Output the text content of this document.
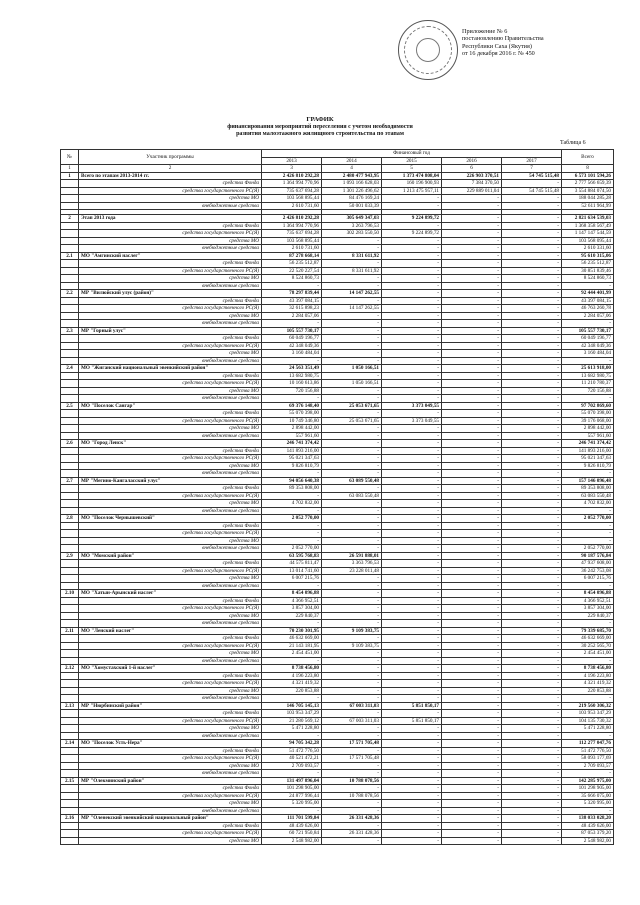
Приложение № 6
постановлению Правительства
Республики Саха (Якутия)
от 16 декабря 2016 г. № 450
ГРАФИК
финансирования мероприятий переселения с учетом необходимости
развития малоэтажного жилищного строительства по этапам
Таблица 6
№	Участник программы	Финансовый год					Всего
		2013	2014	2015	2016	2017	
1	2	3	4	5	6	7	8
1	Всего по этапам 2013-2014 гг.	2 426 810 292,28	2 480 477 943,95	1 373 474 808,04	226 903 370,51	54 745 515,48	6 573 101 594,26
	средства Фонда	1 364 994 770,96	1 093 166 628,03	160 196 900,93	7 384 370,50	-	2 777 566 659,39
	средства государственного РС(Я)	735 637 694,28	1 301 226 496,62	1 213 475 957,11	229 889 011,04	54 745 515,48	3 554 884 074,50
	средства МО	103 568 895,44	84 476 169,24	-	-	-	188 044 285,28
	внебюджетные средства	2 610 731,60	50 001 033,39	-	-	-	52 611 964,99

2	Этап 2013 года	2 426 810 292,28	305 649 347,03	9 224 899,72	-	-	2 821 634 539,03
	средства Фонда	1 364 994 770,96	3 263 796,53	-	-	-	1 368 358 567,49
	средства государственного РС(Я)	735 637 694,28	302 283 550,50	9 224 899,72	-	-	1 147 147 544,59
	средства МО	103 568 895,44	-	-	-	-	103 568 095,44
	внебюджетные средства	2 610 731,60	-	-	-	-	2 610 331,60
2.1	МО "Амгинский наслег"	87 278 668,14	8 331 611,92	-	-	-	95 610 315,06
	средства Фонда	56 235 512,87	-	-	-	-	56 235 512,87
	средства государственного РС(Я)	22 520 227,54	8 331 611,92	-	-	-	30 851 839,46
	средства МО	8 524 860,73	-	-	-	-	8 524 860,73
	внебюджетные средства	-	-	-	-	-	-
2.2	МР "Вилюйский улус (район)"	78 297 839,44	14 147 262,55	-	-	-	92 444 401,99
	средства Фонда	43 397 084,15	-	-	-	-	43 397 084,15
	средства государственного РС(Я)	32 615 898,23	14 147 262,55	-	-	-	46 763 260,78
	средства МО	2 284 057,06	-	-	-	-	2 284 057,06
	внебюджетные средства	-	-	-	-	-	-
2.3	МР "Горный улус"	105 557 730,17	-	-	-	-	105 557 730,17
	средства Фонда	60 049 196,77	-	-	-	-	60 049 196,77
	средства государственного РС(Я)	42 348 049,36	-	-	-	-	42 348 049,36
	средства МО	3 160 484,04	-	-	-	-	3 160 484,04
	внебюджетные средства	-	-	-	-	-	-
2.4	МО "Жиганский национальный эвенкийский район"	24 563 351,49	1 050 166,51	-	-	-	25 613 918,00
	средства Фонда	13 682 980,75	-	-	-	-	13 682 980,75
	средства государственного РС(Я)	10 160 613,86	1 050 166,51	-	-	-	11 210 780,37
	средства МО	720 156,88	-	-	-	-	720 156,88
	внебюджетные средства	-	-	-	-	-	-
2.5	МО "Поселок Сангар"	69 376 148,40	25 053 671,65	3 373 049,55	-	-	97 702 869,60
	средства Фонда	55 070 398,00	-	-	-	-	55 070 398,00
	средства государственного РС(Я)	10 749 346,80	25 053 671,65	3 373 049,55	-	-	39 176 068,00
	средства МО	2 898 442,00	-	-	-	-	2 898 442,00
	внебюджетные средства	557 961,60	-	-	-	-	557 961,60
2.6	МО "Город Ленск"	246 741 374,42	-	-	-	-	246 741 374,42
	средства Фонда	141 893 216,00	-	-	-	-	141 893 216,00
	средства государственного РС(Я)	95 021 347,63	-	-	-	-	95 021 347,63
	средства МО	9 826 810,79	-	-	-	-	9 826 810,79
	внебюджетные средства	-	-	-	-	-	-
2.7	МР "Мегино-Кангаласский улус"	94 056 640,38	63 089 550,48	-	-	-	157 146 096,48
	средства Фонда	89 353 808,00	-	-	-	-	89 353 808,00
	средства государственного РС(Я)	-	63 083 550,48	-	-	-	63 083 550,48
	средства МО	4 702 832,00	-	-	-	-	4 702 832,00
	внебюджетные средства	-	-	-	-	-	-
2.8	МО "Поселок Чернышевский"	2 052 770,00	-	-	-	-	2 052 770,00
	средства Фонда	-	-	-	-	-	-
	средства государственного РС(Я)	-	-	-	-	-	-
	средства МО	-	-	-	-	-	-
	внебюджетные средства	2 052 770,00	-	-	-	-	2 052 770,00
2.9	МО "Момский район"	63 595 768,83	26 591 888,01	-	-	-	90 187 576,84
	средства Фонда	44 575 811,47	3 363 796,53	-	-	-	47 937 608,00
	средства государственного РС(Я)	13 014 741,60	23 228 011,48	-	-	-	36 242 753,08
	средства МО	6 007 215,76	-	-	-	-	6 007 215,76
	внебюджетные средства	-	-	-	-	-	-
2.10	МО "Хатын-Арынский наслег"	8 454 096,88	-	-	-	-	8 454 096,88
	средства Фонда	4 366 952,51	-	-	-	-	4 366 952,51
	средства государственного РС(Я)	3 857 304,00	-	-	-	-	3 857 304,00
	средства МО	229 840,37	-	-	-	-	229 840,37
	внебюджетные средства	-	-	-	-	-	-
2.11	МО "Ленский наслег"	70 230 301,95	9 109 383,75	-	-	-	79 339 685,70
	средства Фонда	46 632 669,00	-	-	-	-	46 632 669,00
	средства государственного РС(Я)	21 143 181,95	9 109 383,75	-	-	-	30 252 565,70
	средства МО	2 454 451,00	-	-	-	-	2 454 451,00
	внебюджетные средства	-	-	-	-	-	-
2.12	МО "Хомустахский 1-й наслег"	8 738 456,80	-	-	-	-	8 738 456,80
	средства Фонда	4 196 223,80	-	-	-	-	4 196 223,80
	средства государственного РС(Я)	4 321 419,32	-	-	-	-	4 321 419,32
	средства МО	220 853,88	-	-	-	-	220 853,88
	внебюджетные средства	-	-	-	-	-	-
2.13	МР "Нюрбинский район"	146 705 145,13	67 003 311,03	5 851 850,17	-	-	219 560 306,32
	средства Фонда	103 953 347,29	-	-	-	-	103 953 347,29
	средства государственного РС(Я)	21 280 569,12	67 003 311,03	5 851 850,17	-	-	104 135 730,32
	средства МО	5 471 228,80	-	-	-	-	5 471 228,80
	внебюджетные средства	-	-	-	-	-	-
2.14	МО "Поселок Усть-Нера"	94 705 342,28	17 571 705,48	-	-	-	112 277 047,76
	средства Фонда	51 472 776,50	-	-	-	-	51 472 776,50
	средства государственного РС(Я)	40 521 472,21	17 571 705,48	-	-	-	58 093 177,69
	средства МО	2 709 093,57	-	-	-	-	2 709 093,57
	внебюджетные средства	-	-	-	-	-	-
2.15	МР "Олекминский район"	131 497 896,04	10 788 078,56	-	-	-	142 285 975,00
	средства Фонда	101 298 905,00	-	-	-	-	101 298 905,00
	средства государственного РС(Я)	24 877 996,44	10 788 078,56	-	-	-	35 666 075,00
	средства МО	5 320 995,00	-	-	-	-	5 320 995,00
	внебюджетные средства	-	-	-	-	-	-
2.16	МР "Оленекский эвенкийский национальный район"	111 701 599,84	26 331 428,36	-	-	-	138 033 028,20
	средства Фонда	48 439 626,00	-	-	-	-	48 439 626,00
	средства государственного РС(Я)	60 721 950,84	26 331 428,36	-	-	-	87 053 379,20
	средства МО	2 548 982,00	-	-	-	-	2 548 982,00
